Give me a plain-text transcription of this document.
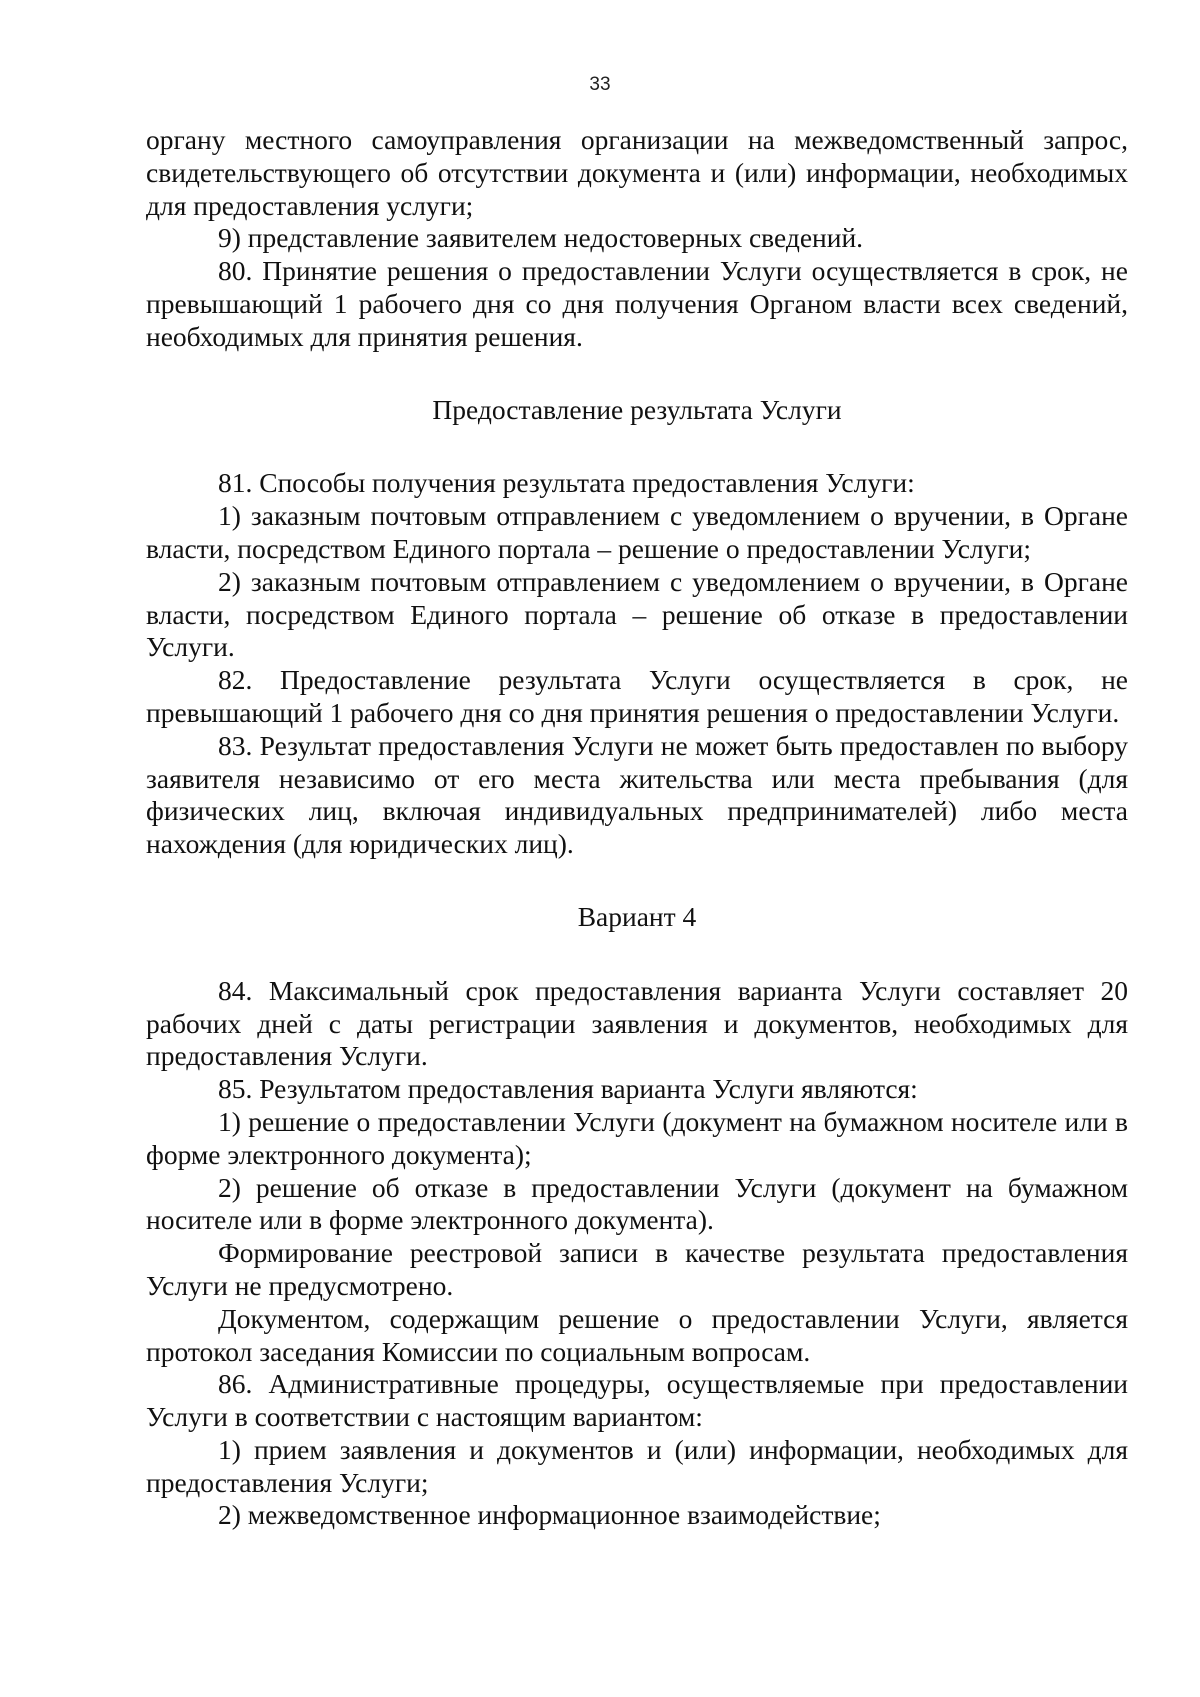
33

органу местного самоуправления организации на межведомственный запрос, свидетельствующего об отсутствии документа и (или) информации, необходимых для предоставления услуги;

9) представление заявителем недостоверных сведений.

80. Принятие решения о предоставлении Услуги осуществляется в срок, не превышающий 1 рабочего дня со дня получения Органом власти всех сведений, необходимых для принятия решения.

Предоставление результата Услуги

81. Способы получения результата предоставления Услуги:

1) заказным почтовым отправлением с уведомлением о вручении, в Органе власти, посредством Единого портала – решение о предоставлении Услуги;

2) заказным почтовым отправлением с уведомлением о вручении, в Органе власти, посредством Единого портала – решение об отказе в предоставлении Услуги.

82. Предоставление результата Услуги осуществляется в срок, не превышающий 1 рабочего дня со дня принятия решения о предоставлении Услуги.

83. Результат предоставления Услуги не может быть предоставлен по выбору заявителя независимо от его места жительства или места пребывания (для физических лиц, включая индивидуальных предпринимателей) либо места нахождения (для юридических лиц).

Вариант 4

84. Максимальный срок предоставления варианта Услуги составляет 20 рабочих дней с даты регистрации заявления и документов, необходимых для предоставления Услуги.

85. Результатом предоставления варианта Услуги являются:

1) решение о предоставлении Услуги (документ на бумажном носителе или в форме электронного документа);

2) решение об отказе в предоставлении Услуги (документ на бумажном носителе или в форме электронного документа).

Формирование реестровой записи в качестве результата предоставления Услуги не предусмотрено.

Документом, содержащим решение о предоставлении Услуги, является протокол заседания Комиссии по социальным вопросам.

86. Административные процедуры, осуществляемые при предоставлении Услуги в соответствии с настоящим вариантом:

1) прием заявления и документов и (или) информации, необходимых для предоставления Услуги;

2) межведомственное информационное взаимодействие;
